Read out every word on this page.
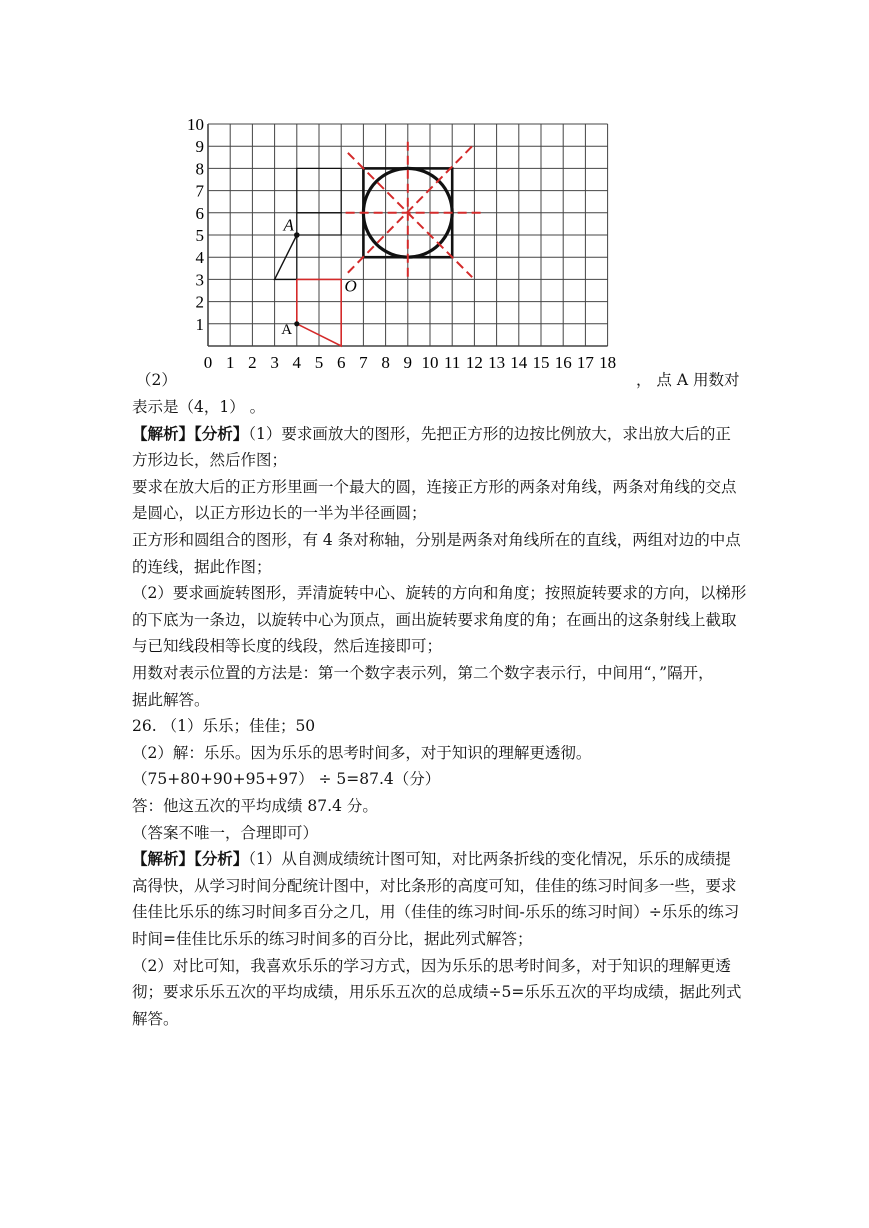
0 1 2 3 4 5 6 7 8 9 10 11 12 13 14 15 16 17 18
1
2
3
4
5
6
7
8
9
10
A
A
O
（2）	， 点 A 用数对
表示是（4，1） 。
【解析】【分析】（1）要求画放大的图形，先把正方形的边按比例放大，求出放大后的正
方形边长，然后作图；
要求在放大后的正方形里画一个最大的圆，连接正方形的两条对角线，两条对角线的交点
是圆心，以正方形边长的一半为半径画圆；
正方形和圆组合的图形，有 4 条对称轴，分别是两条对角线所在的直线，两组对边的中点
的连线，据此作图；
（2）要求画旋转图形，弄清旋转中心、旋转的方向和角度；按照旋转要求的方向，以梯形
的下底为一条边，以旋转中心为顶点，画出旋转要求角度的角；在画出的这条射线上截取
与已知线段相等长度的线段，然后连接即可；
用数对表示位置的方法是：第一个数字表示列，第二个数字表示行，中间用“，”隔开，
据此解答。
26. （1）乐乐；佳佳；50
（2）解：乐乐。因为乐乐的思考时间多，对于知识的理解更透彻。
（75+80+90+95+97） ÷ 5=87.4（分）
答：他这五次的平均成绩 87.4 分。
（答案不唯一，合理即可）
【解析】【分析】（1）从自测成绩统计图可知，对比两条折线的变化情况，乐乐的成绩提
高得快，从学习时间分配统计图中，对比条形的高度可知，佳佳的练习时间多一些，要求
佳佳比乐乐的练习时间多百分之几，用（佳佳的练习时间-乐乐的练习时间）÷乐乐的练习
时间=佳佳比乐乐的练习时间多的百分比，据此列式解答；
（2）对比可知，我喜欢乐乐的学习方式，因为乐乐的思考时间多，对于知识的理解更透
彻；要求乐乐五次的平均成绩，用乐乐五次的总成绩÷5=乐乐五次的平均成绩，据此列式
解答。
